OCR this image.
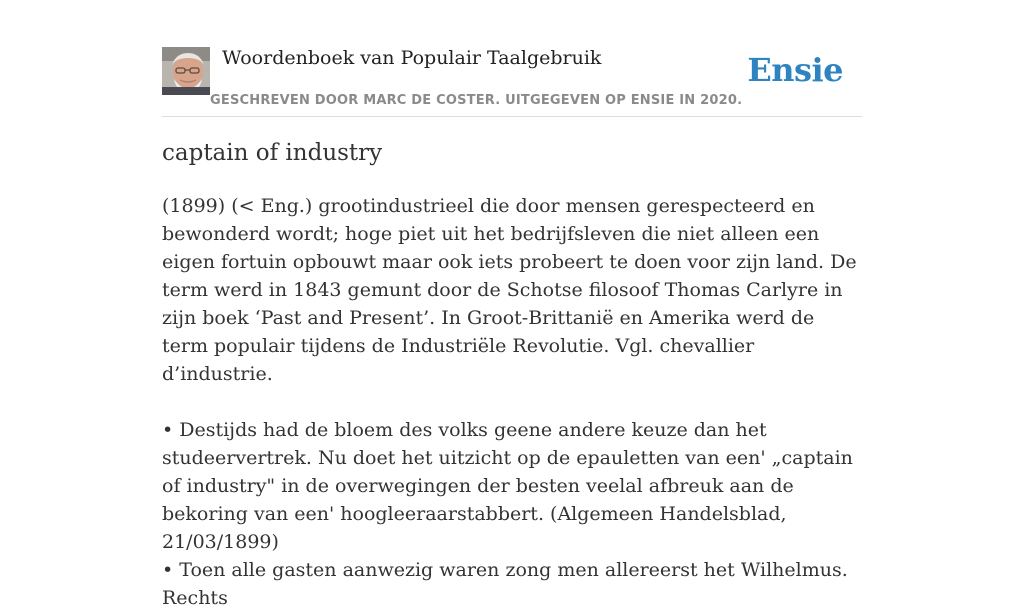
Woordenboek van Populair Taalgebruik
GESCHREVEN DOOR MARC DE COSTER. UITGEGEVEN OP ENSIE IN 2020.
Ensie
captain of industry

(1899) (< Eng.) grootindustrieel die door mensen gerespecteerd en bewonderd wordt; hoge piet uit het bedrijfsleven die niet alleen een eigen fortuin opbouwt maar ook iets probeert te doen voor zijn land. De term werd in 1843 gemunt door de Schotse filosoof Thomas Carlyre in zijn boek ‘Past and Present’. In Groot-Brittanië en Amerika werd de term populair tijdens de Industriële Revolutie. Vgl. chevallier d’industrie.

• Destijds had de bloem des volks geene andere keuze dan het studeervertrek. Nu doet het uitzicht op de epauletten van een' „captain of industry" in de overwegingen der besten veelal afbreuk aan de bekoring van een' hoogleeraarstabbert. (Algemeen Handelsblad, 21/03/1899)

• Toen alle gasten aanwezig waren zong men allereerst het Wilhelmus. Rechts
